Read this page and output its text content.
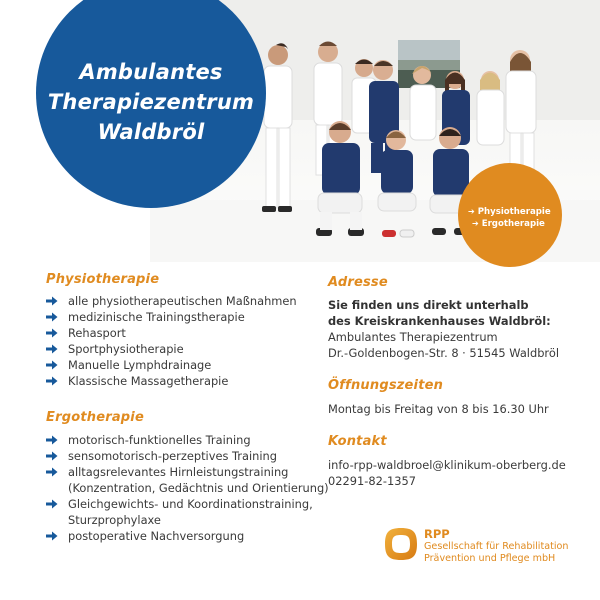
Ambulantes
Therapiezentrum
Waldbröl
➔ Physiotherapie
➔ Ergotherapie
Physiotherapie
alle physiotherapeutischen Maßnahmen
medizinische Trainingstherapie
Rehasport
Sportphysiotherapie
Manuelle Lymphdrainage
Klassische Massagetherapie
Ergotherapie
motorisch-funktionelles Training
sensomotorisch-perzeptives Training
alltagsrelevantes Hirnleistungstraining
(Konzentration, Gedächtnis und Orientierung)
Gleichgewichts- und Koordinationstraining,
Sturzprophylaxe
postoperative Nachversorgung
Adresse
Sie finden uns direkt unterhalb
des Kreiskrankenhauses Waldbröl:
Ambulantes Therapiezentrum
Dr.-Goldenbogen-Str. 8 · 51545 Waldbröl
Öffnungszeiten
Montag bis Freitag von 8 bis 16.30 Uhr
Kontakt
info-rpp-waldbroel@klinikum-oberberg.de
02291-82-1357
RPP
Gesellschaft für Rehabilitation
Prävention und Pflege mbH
